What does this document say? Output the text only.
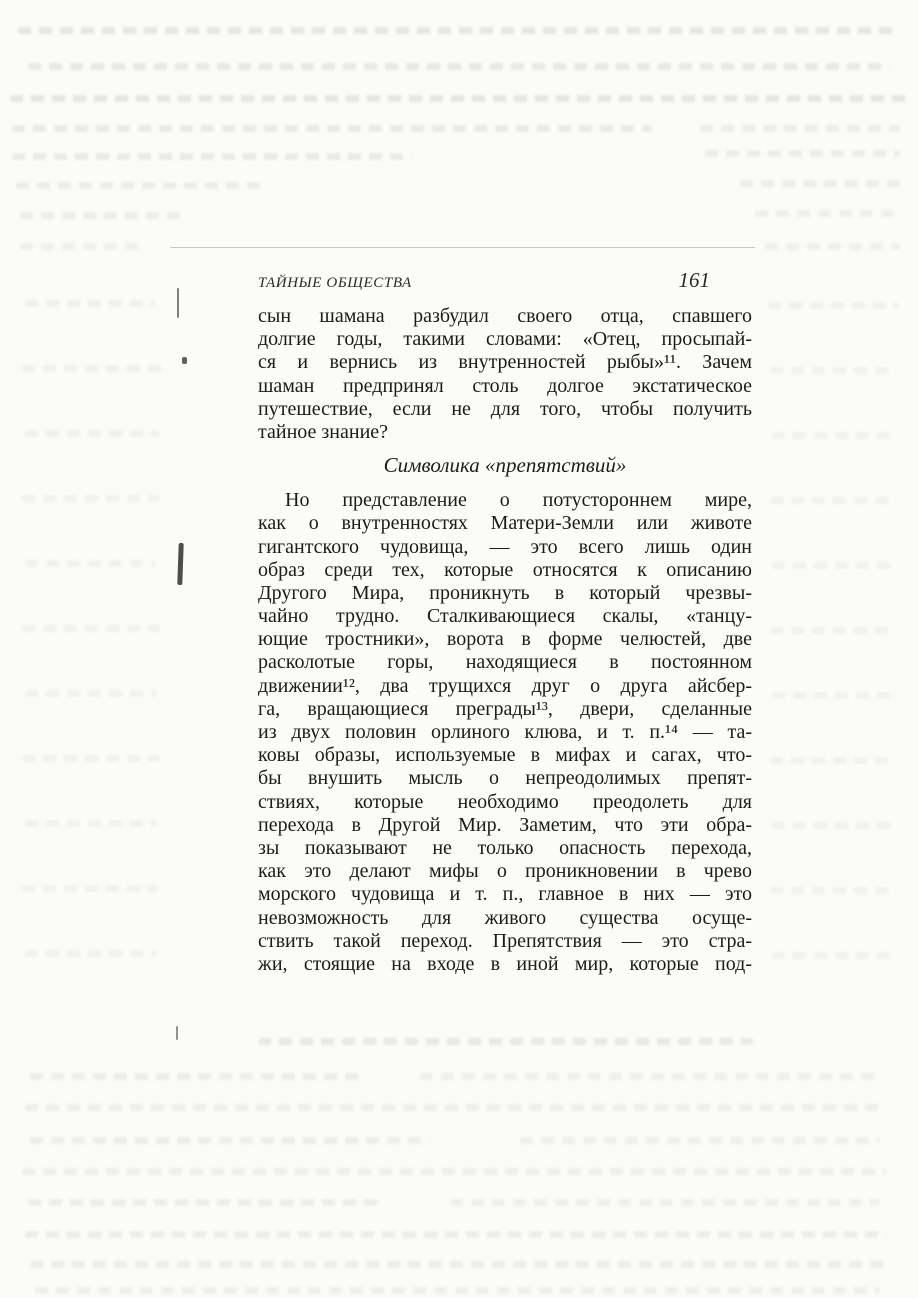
ТАЙНЫЕ ОБЩЕСТВА	161
сын шамана разбудил своего отца, спавшего
долгие годы, такими словами: «Отец, просыпай-
ся и вернись из внутренностей рыбы»¹¹. Зачем
шаман предпринял столь долгое экстатическое
путешествие, если не для того, чтобы получить
тайное знание?
Символика «препятствий»
Но представление о потустороннем мире,
как о внутренностях Матери-Земли или животе
гигантского чудовища, — это всего лишь один
образ среди тех, которые относятся к описанию
Другого Мира, проникнуть в который чрезвы-
чайно трудно. Сталкивающиеся скалы, «танцу-
ющие тростники», ворота в форме челюстей, две
расколотые горы, находящиеся в постоянном
движении¹², два трущихся друг о друга айсбер-
га, вращающиеся преграды¹³, двери, сделанные
из двух половин орлиного клюва, и т. п.¹⁴ — та-
ковы образы, используемые в мифах и сагах, что-
бы внушить мысль о непреодолимых препят-
ствиях, которые необходимо преодолеть для
перехода в Другой Мир. Заметим, что эти обра-
зы показывают не только опасность перехода,
как это делают мифы о проникновении в чрево
морского чудовища и т. п., главное в них — это
невозможность для живого существа осуще-
ствить такой переход. Препятствия — это стра-
жи, стоящие на входе в иной мир, которые под-
